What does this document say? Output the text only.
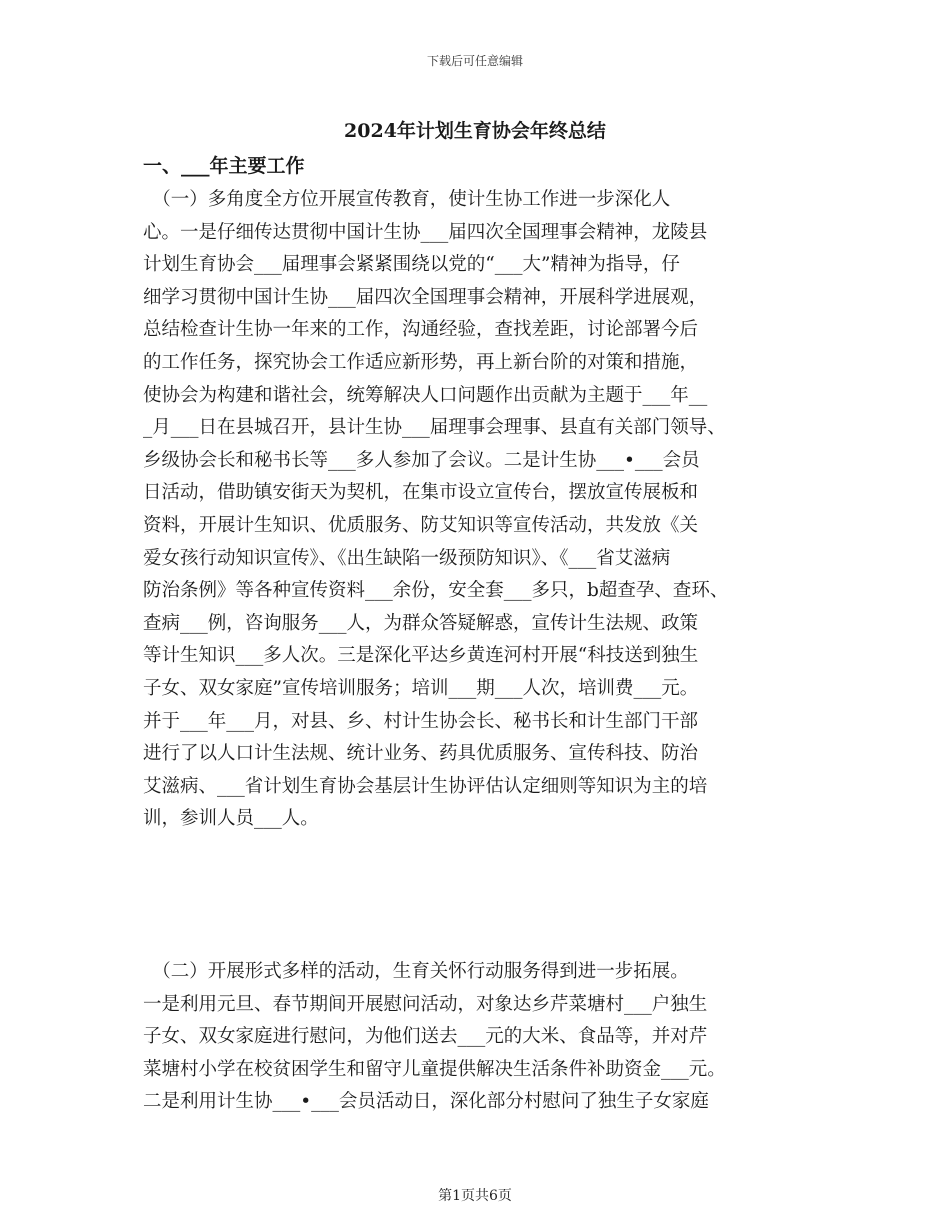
下载后可任意编辑
2024年计划生育协会年终总结
一、___年主要工作
　（一）多角度全方位开展宣传教育，使计生协工作进一步深化人
心。一是仔细传达贯彻中国计生协___届四次全国理事会精神，龙陵县
计划生育协会___届理事会紧紧围绕以党的“___大”精神为指导，仔
细学习贯彻中国计生协___届四次全国理事会精神，开展科学进展观，
总结检查计生协一年来的工作，沟通经验，查找差距，讨论部署今后
的工作任务，探究协会工作适应新形势，再上新台阶的对策和措施，
使协会为构建和谐社会，统筹解决人口问题作出贡献为主题于___年__
_月___日在县城召开，县计生协___届理事会理事、县直有关部门领导、
乡级协会长和秘书长等___多人参加了会议。二是计生协___•___会员
日活动，借助镇安街天为契机，在集市设立宣传台，摆放宣传展板和
资料，开展计生知识、优质服务、防艾知识等宣传活动，共发放《关
爱女孩行动知识宣传》、《出生缺陷一级预防知识》、《___省艾滋病
防治条例》等各种宣传资料___余份，安全套___多只，b超查孕、查环、
查病___例，咨询服务___人，为群众答疑解惑，宣传计生法规、政策
等计生知识___多人次。三是深化平达乡黄连河村开展“科技送到独生
子女、双女家庭”宣传培训服务；培训___期___人次，培训费___元。
并于___年___月，对县、乡、村计生协会长、秘书长和计生部门干部
进行了以人口计生法规、统计业务、药具优质服务、宣传科技、防治
艾滋病、___省计划生育协会基层计生协评估认定细则等知识为主的培
训，参训人员___人。
　（二）开展形式多样的活动，生育关怀行动服务得到进一步拓展。
一是利用元旦、春节期间开展慰问活动，对象达乡芹菜塘村___户独生
子女、双女家庭进行慰问，为他们送去___元的大米、食品等，并对芹
菜塘村小学在校贫困学生和留守儿童提供解决生活条件补助资金___元。
二是利用计生协___•___会员活动日，深化部分村慰问了独生子女家庭
第1页共6页
